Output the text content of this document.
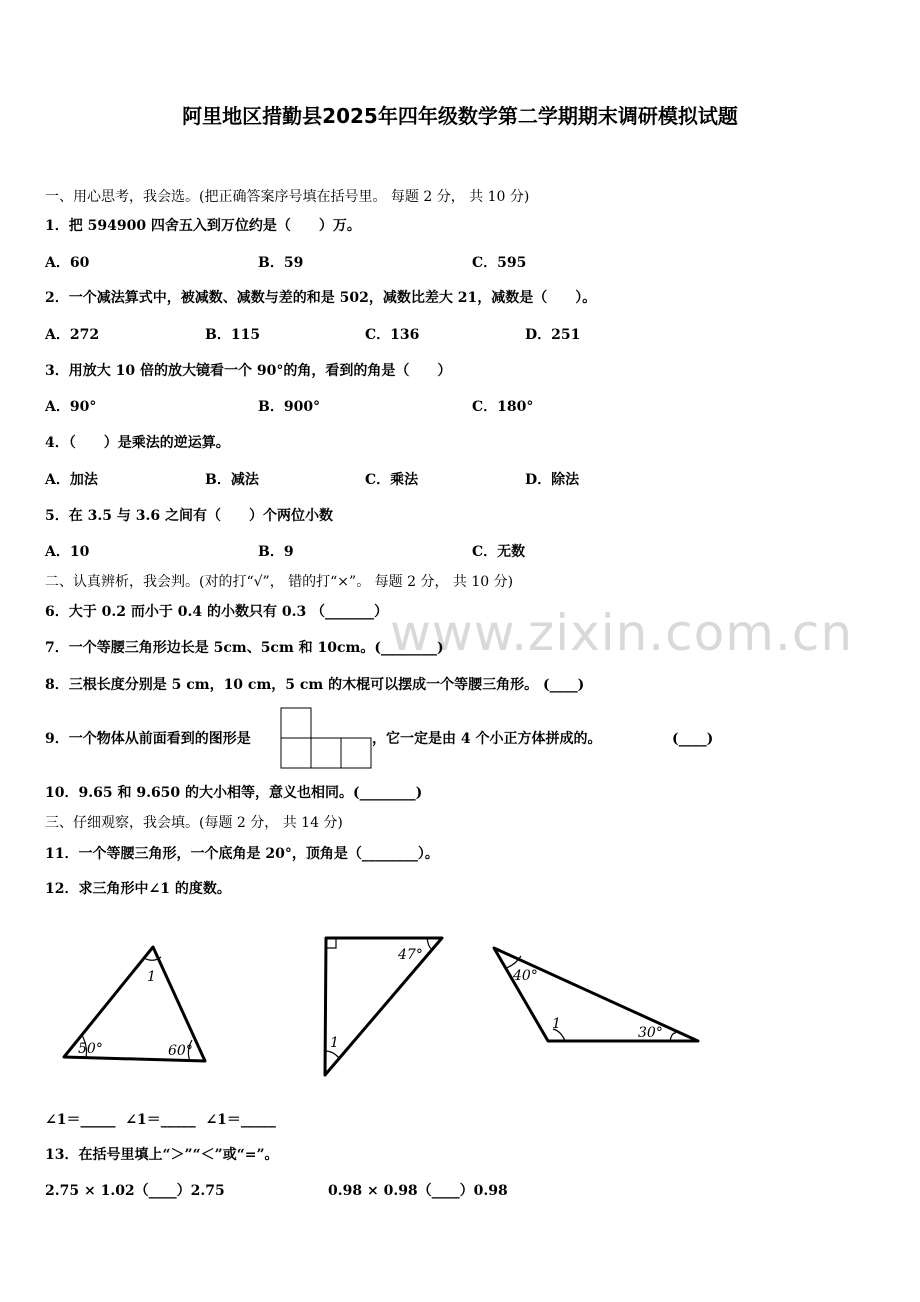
阿里地区措勤县2025年四年级数学第二学期期末调研模拟试题
www.zixin.com.cn
一、用心思考，我会选。(把正确答案序号填在括号里。 每题 2 分， 共 10 分)
1．把 594900 四舍五入到万位约是（　　）万。
A．60	B．59	C．595
2．一个减法算式中，被减数、减数与差的和是 502，减数比差大 21，减数是（　　）。
A．272	B．115	C．136	D．251
3．用放大 10 倍的放大镜看一个 90°的角，看到的角是（　　）
A．90°	B．900°	C．180°
4．（　　）是乘法的逆运算。
A．加法	B．减法	C．乘法	D．除法
5．在 3.5 与 3.6 之间有（　　）个两位小数
A．10	B．9	C．无数
二、认真辨析，我会判。(对的打“√”， 错的打“×”。 每题 2 分， 共 10 分)
6．大于 0.2 而小于 0.4 的小数只有 0.3 （_______）
7．一个等腰三角形边长是 5cm、5cm 和 10cm。(________)
8．三根长度分别是 5 cm，10 cm，5 cm 的木棍可以摆成一个等腰三角形。 (____)
9．一个物体从前面看到的图形是	，它一定是由 4 个小正方体拼成的。	(____)
10．9.65 和 9.650 的大小相等，意义也相同。(________)
三、仔细观察，我会填。(每题 2 分， 共 14 分)
11．一个等腰三角形，一个底角是 20°，顶角是（________）。
12．求三角形中∠1 的度数。
1
50°	60°
47°
1
40°
1
30°
∠1＝_____  ∠1＝_____  ∠1＝_____
13．在括号里填上“＞”“＜”或“=”。
2.75 × 1.02（____）2.75	0.98 × 0.98（____）0.98
